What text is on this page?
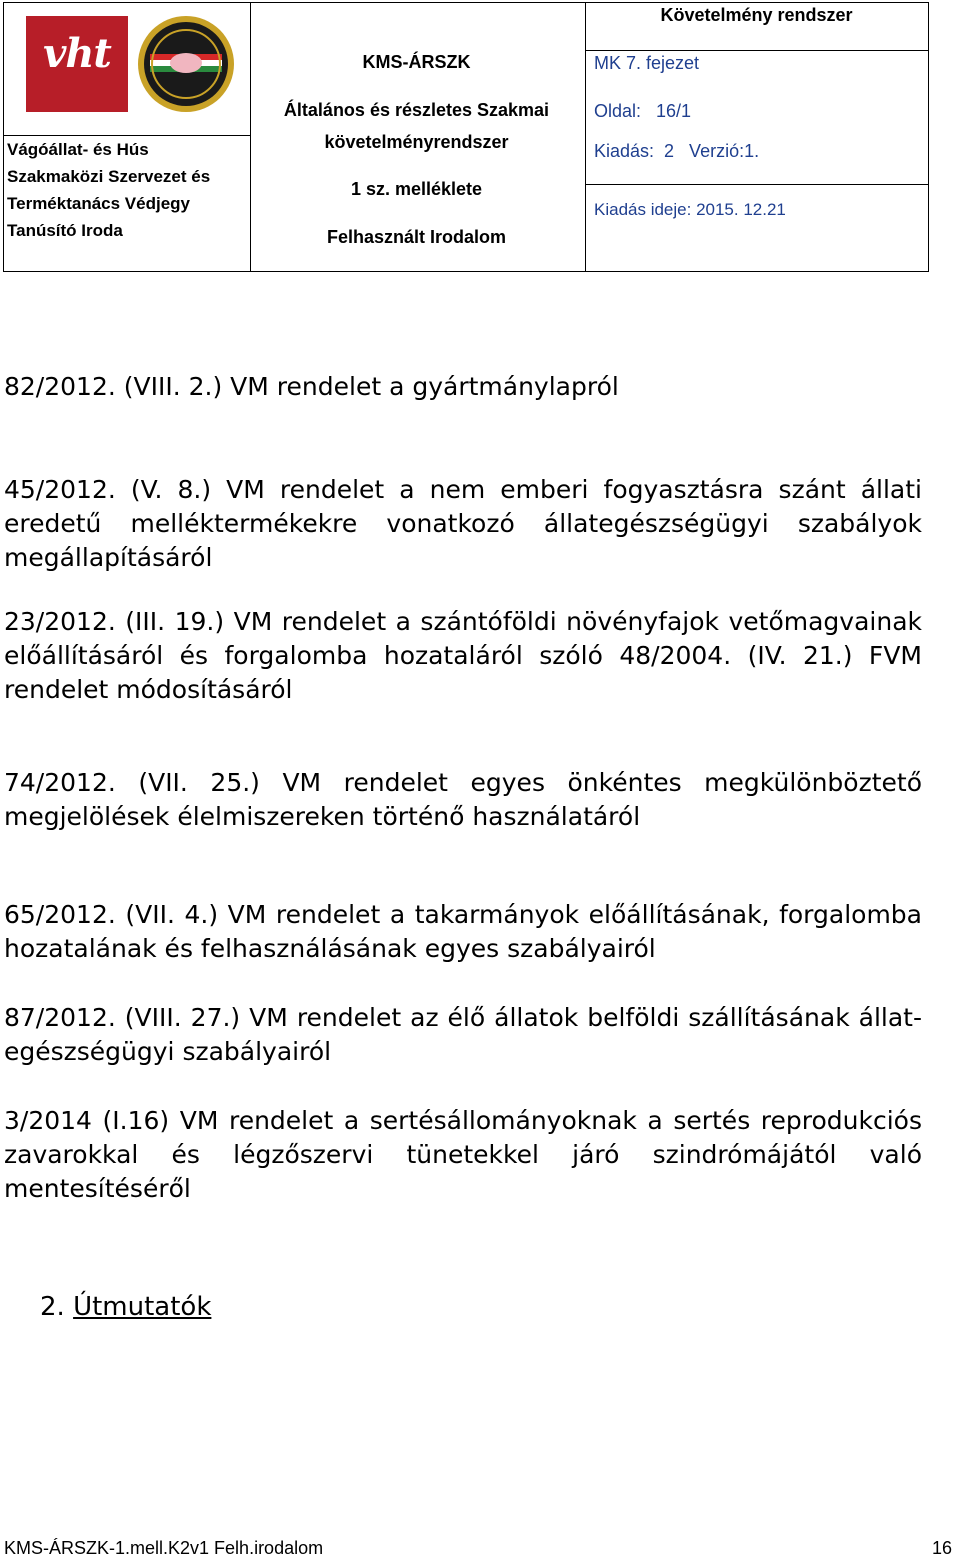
vht
Vágóállat- és Hús
Szakmaközi Szervezet és
Terméktanács Védjegy
Tanúsító Iroda
KMS-ÁRSZK
Általános és részletes Szakmai
követelményrendszer
1 sz. melléklete
Felhasznált Irodalom
Követelmény rendszer
MK 7. fejezet
Oldal:   16/1
Kiadás:  2   Verzió:1.
Kiadás ideje: 2015. 12.21
82/2012. (VIII. 2.) VM rendelet a gyártmánylapról
45/2012. (V. 8.) VM rendelet a nem emberi fogyasztásra szánt állati eredetű melléktermékekre vonatkozó állategészségügyi szabályok megállapításáról
23/2012. (III. 19.) VM rendelet a szántóföldi növényfajok vetőmagvainak előállításáról és forgalomba hozataláról szóló 48/2004. (IV. 21.) FVM rendelet módosításáról
74/2012. (VII. 25.) VM rendelet egyes önkéntes megkülönböztető megjelölések élelmiszereken történő használatáról
65/2012. (VII. 4.) VM rendelet a takarmányok előállításának, forgalomba hozatalának és felhasználásának egyes szabályairól
87/2012. (VIII. 27.) VM rendelet az élő állatok belföldi szállításának állat-egészségügyi szabályairól
3/2014 (I.16) VM rendelet a sertésállományoknak a sertés reprodukciós zavarokkal és légzőszervi tünetekkel járó szindrómájától való mentesítéséről
2. Útmutatók
KMS-ÁRSZK-1.mell.K2v1 Felh.irodalom	16
